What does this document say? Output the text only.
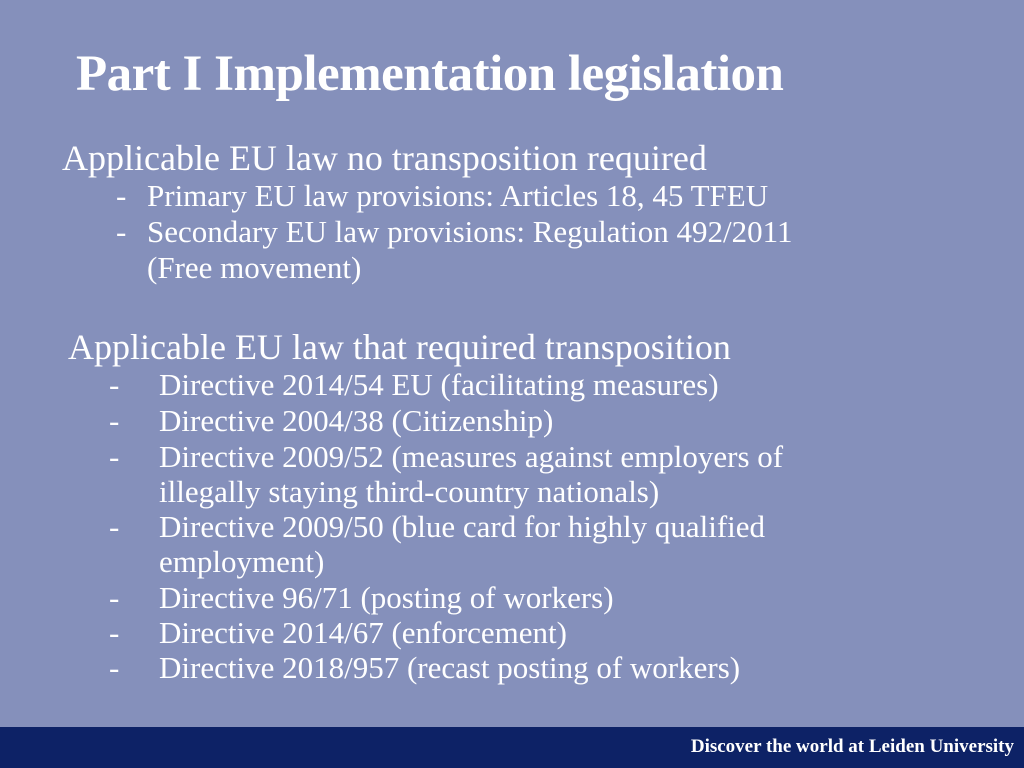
Part I Implementation legislation
Applicable EU law no transposition required
- Primary EU law provisions: Articles 18, 45 TFEU
- Secondary EU law provisions: Regulation 492/2011
(Free movement)
Applicable EU law that required transposition
- Directive 2014/54 EU (facilitating measures)
- Directive 2004/38 (Citizenship)
- Directive 2009/52 (measures against employers of
illegally staying third-country nationals)
- Directive 2009/50 (blue card for highly qualified
employment)
- Directive 96/71 (posting of workers)
- Directive 2014/67 (enforcement)
- Directive 2018/957 (recast posting of workers)
Discover the world at Leiden University
